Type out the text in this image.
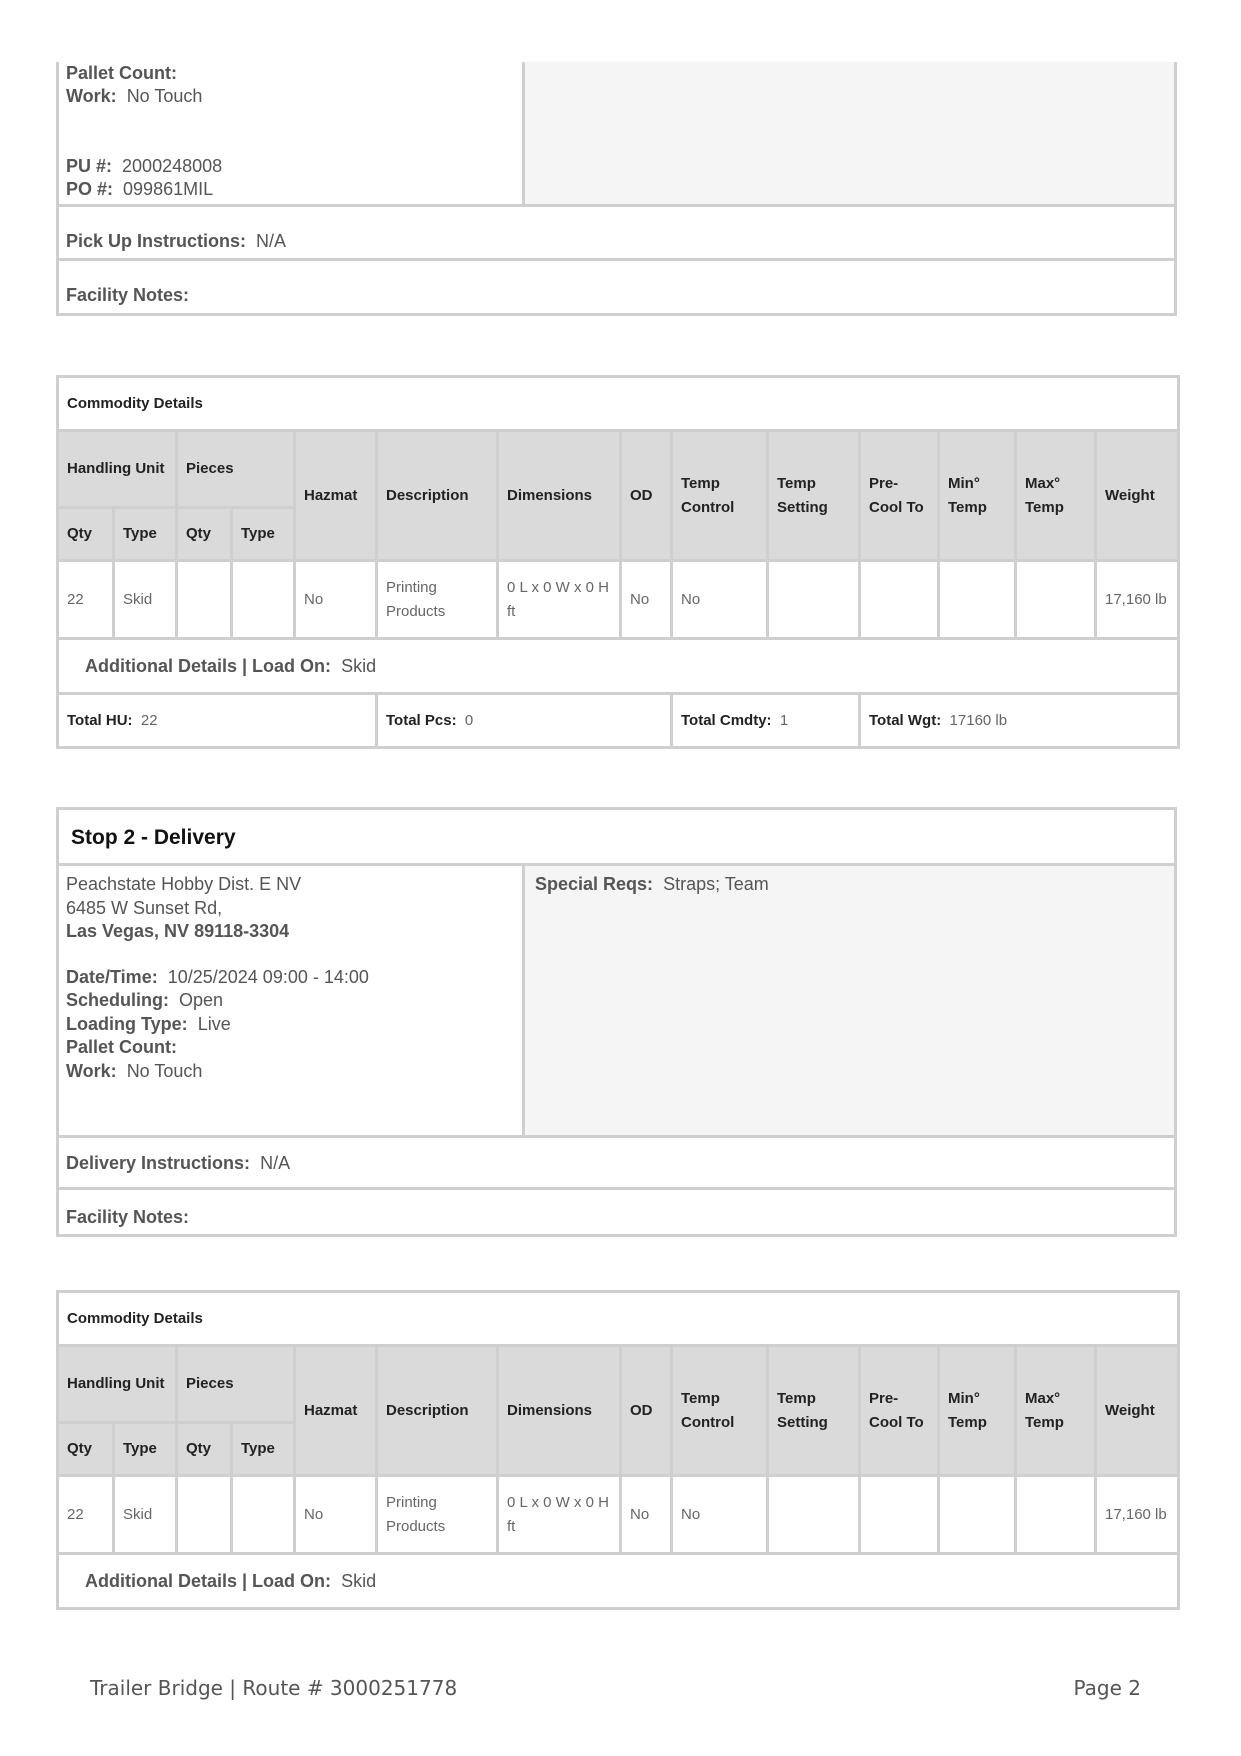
Pallet Count:
Work: No Touch
PU #: 2000248008
PO #: 099861MIL
Pick Up Instructions: N/A
Facility Notes:
Commodity Details													
Handling Unit		Pieces		Hazmat	Description	Dimensions	OD	Temp Control	Temp Setting	Pre-Cool To	Min° Temp	Max° Temp	Weight
Qty	Type	Qty	Type										
22	Skid			No	Printing Products	0 L x 0 W x 0 H ft	No	No					17,160 lb
Additional Details | Load On: Skid													
Total HU: 22					Total Pcs: 0			Total Cmdty: 1		Total Wgt: 17160 lb			
Stop 2 - Delivery
Peachstate Hobby Dist. E NV
6485 W Sunset Rd,
Las Vegas, NV 89118-3304
Date/Time: 10/25/2024 09:00 - 14:00
Scheduling: Open
Loading Type: Live
Pallet Count:
Work: No Touch
Special Reqs: Straps; Team
Delivery Instructions: N/A
Facility Notes:
Commodity Details													
Handling Unit		Pieces		Hazmat	Description	Dimensions	OD	Temp Control	Temp Setting	Pre-Cool To	Min° Temp	Max° Temp	Weight
Qty	Type	Qty	Type										
22	Skid			No	Printing Products	0 L x 0 W x 0 H ft	No	No					17,160 lb
Additional Details | Load On: Skid													
Trailer Bridge | Route # 3000251778	Page 2
